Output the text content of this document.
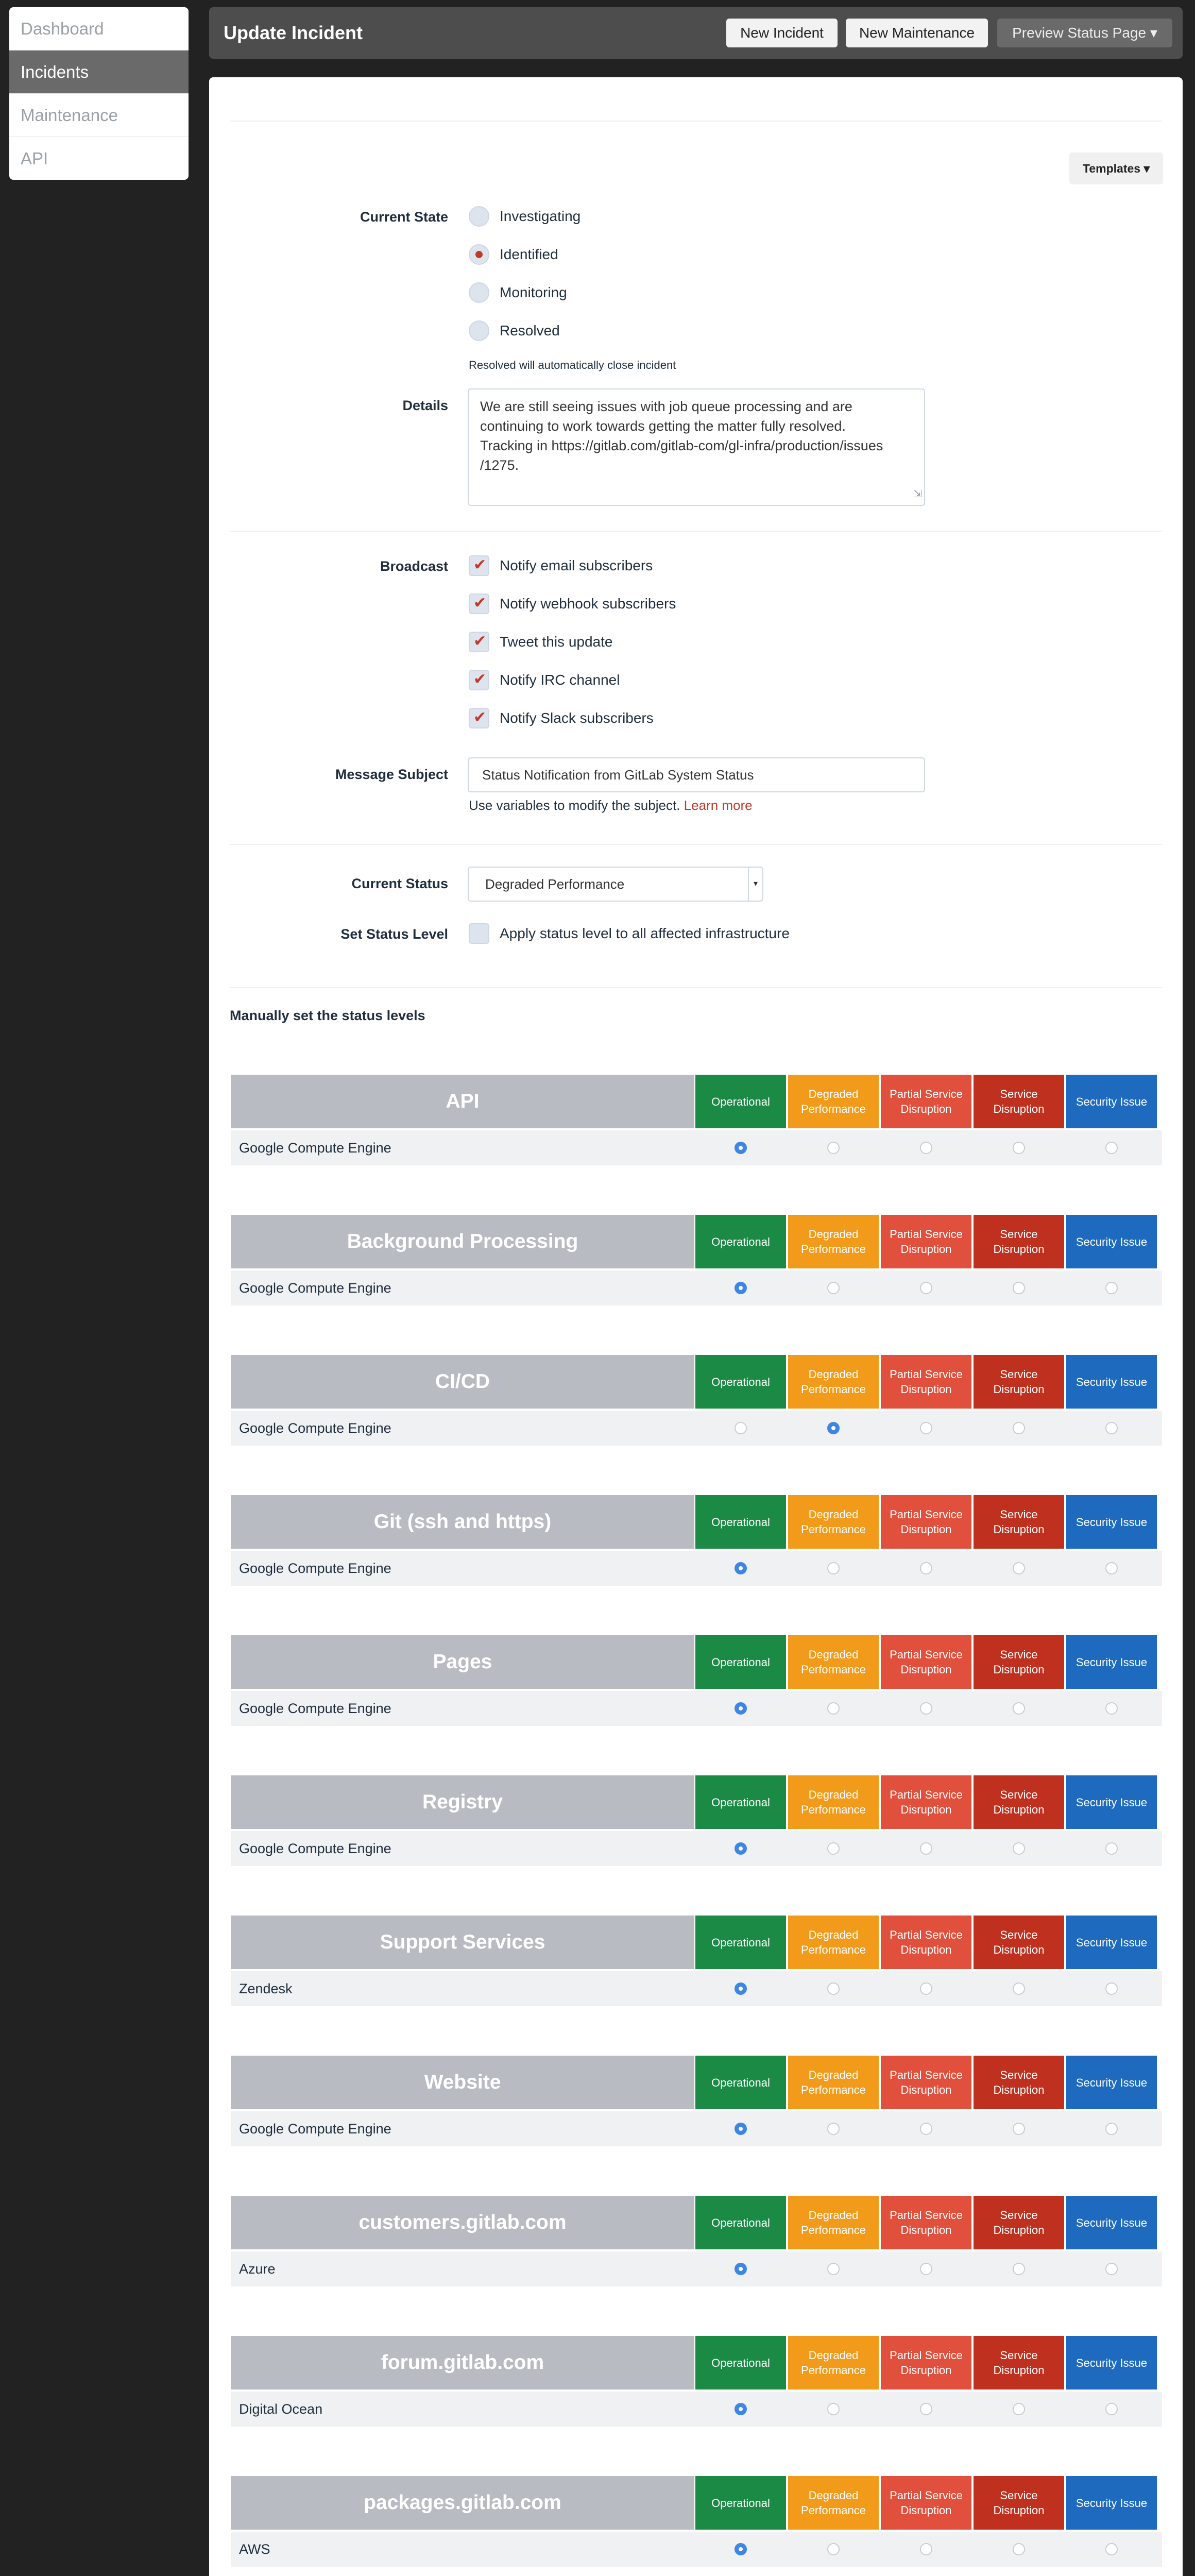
Dashboard
Incidents
Maintenance
API
Update Incident	New Incident	New Maintenance	Preview Status Page ▾
Templates ▾
Current State	Investigating
Identified
Monitoring
Resolved
Resolved will automatically close incident
Details We are still seeing issues with job queue processing and are
continuing to work towards getting the matter fully resolved.
Tracking in https://gitlab.com/gitlab-com/gl-infra/production/issues
/1275.
⇲
Broadcast
✔	Notify email subscribers
✔
Notify webhook subscribers
✔
Tweet this update
✔
Notify IRC channel
✔
Notify Slack subscribers
Message Subject	Status Notification from GitLab System Status
Use variables to modify the subject. Learn more
Current Status	Degraded Performance	▾
Set Status Level	Apply status level to all affected infrastructure
Manually set the status levels
API	Operational
Degraded Performance
Partial Service Disruption
Service Disruption
Security Issue
Google Compute Engine
Background Processing	Operational
Degraded Performance
Partial Service Disruption
Service Disruption
Security Issue
Google Compute Engine
CI/CD	Operational
Degraded Performance
Partial Service Disruption
Service Disruption
Security Issue
Google Compute Engine
Git (ssh and https)	Operational
Degraded Performance
Partial Service Disruption
Service Disruption
Security Issue
Google Compute Engine
Pages	Operational
Degraded Performance
Partial Service Disruption
Service Disruption
Security Issue
Google Compute Engine
Registry	Operational
Degraded Performance
Partial Service Disruption
Service Disruption
Security Issue
Google Compute Engine
Support Services	Operational
Degraded Performance
Partial Service Disruption
Service Disruption
Security Issue
Zendesk
Website	Operational
Degraded Performance
Partial Service Disruption
Service Disruption
Security Issue
Google Compute Engine
customers.gitlab.com	Operational
Degraded Performance
Partial Service Disruption
Service Disruption
Security Issue
Azure
forum.gitlab.com	Operational
Degraded Performance
Partial Service Disruption
Service Disruption
Security Issue
Digital Ocean
packages.gitlab.com	Operational
Degraded Performance
Partial Service Disruption
Service Disruption
Security Issue
AWS
